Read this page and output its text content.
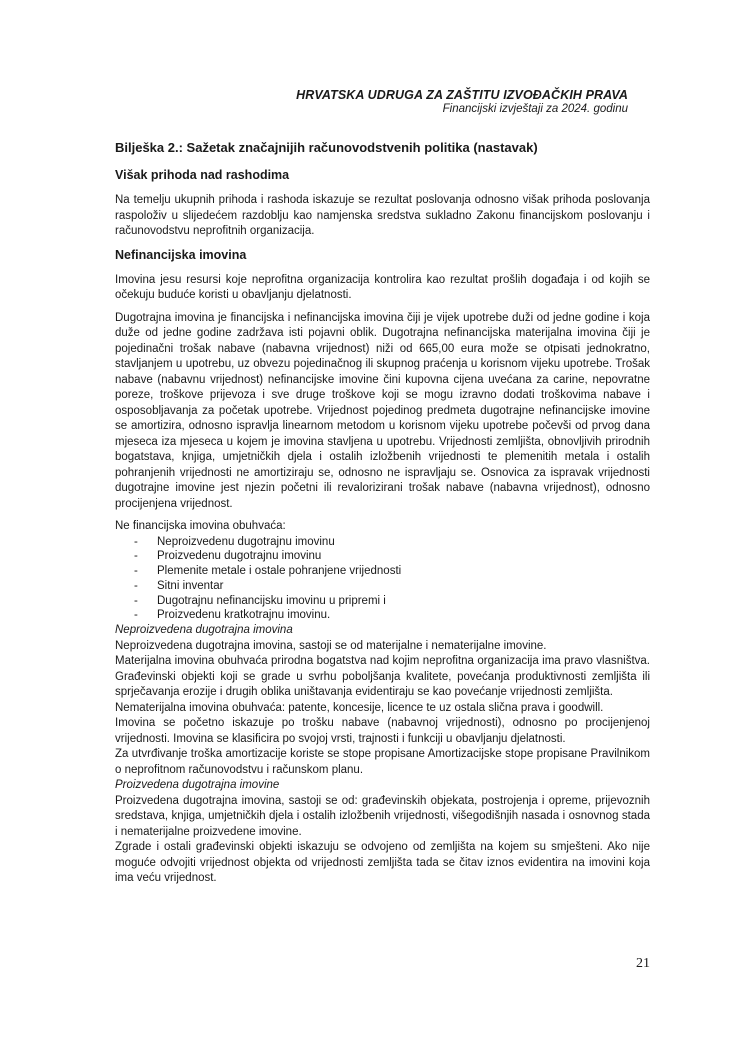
HRVATSKA UDRUGA ZA ZAŠTITU IZVOĐAČKIH PRAVA
Financijski izvještaji za 2024. godinu
Bilješka 2.: Sažetak značajnijih računovodstvenih politika (nastavak)
Višak prihoda nad rashodima

Na temelju ukupnih prihoda i rashoda iskazuje se rezultat poslovanja odnosno višak prihoda poslovanja raspoloživ u slijedećem razdoblju kao namjenska sredstva sukladno Zakonu financijskom poslovanju i računovodstvu neprofitnih organizacija.

Nefinancijska imovina

Imovina jesu resursi koje neprofitna organizacija kontrolira kao rezultat prošlih događaja i od kojih se očekuju buduće koristi u obavljanju djelatnosti.

Dugotrajna imovina je financijska i nefinancijska imovina čiji je vijek upotrebe duži od jedne godine i koja duže od jedne godine zadržava isti pojavni oblik. Dugotrajna nefinancijska materijalna imovina čiji je pojedinačni trošak nabave (nabavna vrijednost) niži od 665,00 eura može se otpisati jednokratno, stavljanjem u upotrebu, uz obvezu pojedinačnog ili skupnog praćenja u korisnom vijeku upotrebe. Trošak nabave (nabavnu vrijednost) nefinancijske imovine čini kupovna cijena uvećana za carine, nepovratne poreze, troškove prijevoza i sve druge troškove koji se mogu izravno dodati troškovima nabave i osposobljavanja za početak upotrebe. Vrijednost pojedinog predmeta dugotrajne nefinancijske imovine se amortizira, odnosno ispravlja linearnom metodom u korisnom vijeku upotrebe počevši od prvog dana mjeseca iza mjeseca u kojem je imovina stavljena u upotrebu. Vrijednosti zemljišta, obnovljivih prirodnih bogatstava, knjiga, umjetničkih djela i ostalih izložbenih vrijednosti te plemenitih metala i ostalih pohranjenih vrijednosti ne amortiziraju se, odnosno ne ispravljaju se. Osnovica za ispravak vrijednosti dugotrajne imovine jest njezin početni ili revalorizirani trošak nabave (nabavna vrijednost), odnosno procijenjena vrijednost.

Ne financijska imovina obuhvaća:

- Neproizvedenu dugotrajnu imovinu
- Proizvedenu dugotrajnu imovinu
- Plemenite metale i ostale pohranjene vrijednosti
- Sitni inventar
- Dugotrajnu nefinancijsku imovinu u pripremi i
- Proizvedenu kratkotrajnu imovinu.

Neproizvedena dugotrajna imovina

Neproizvedena dugotrajna imovina, sastoji se od materijalne i nematerijalne imovine.

Materijalna imovina obuhvaća prirodna bogatstva nad kojim neprofitna organizacija ima pravo vlasništva. Građevinski objekti koji se grade u svrhu poboljšanja kvalitete, povećanja produktivnosti zemljišta ili sprječavanja erozije i drugih oblika uništavanja evidentiraju se kao povećanje vrijednosti zemljišta.

Nematerijalna imovina obuhvaća: patente, koncesije, licence te uz ostala slična prava i goodwill.

Imovina se početno iskazuje po trošku nabave (nabavnoj vrijednosti), odnosno po procijenjenoj vrijednosti. Imovina se klasificira po svojoj vrsti, trajnosti i funkciji u obavljanju djelatnosti.

Za utvrđivanje troška amortizacije koriste se stope propisane Amortizacijske stope propisane Pravilnikom o neprofitnom računovodstvu i računskom planu.

Proizvedena dugotrajna imovine

Proizvedena dugotrajna imovina, sastoji se od: građevinskih objekata, postrojenja i opreme, prijevoznih sredstava, knjiga, umjetničkih djela i ostalih izložbenih vrijednosti, višegodišnjih nasada i osnovnog stada i nematerijalne proizvedene imovine.

Zgrade i ostali građevinski objekti iskazuju se odvojeno od zemljišta na kojem su smješteni. Ako nije moguće odvojiti vrijednost objekta od vrijednosti zemljišta tada se čitav iznos evidentira na imovini koja ima veću vrijednost.

21
